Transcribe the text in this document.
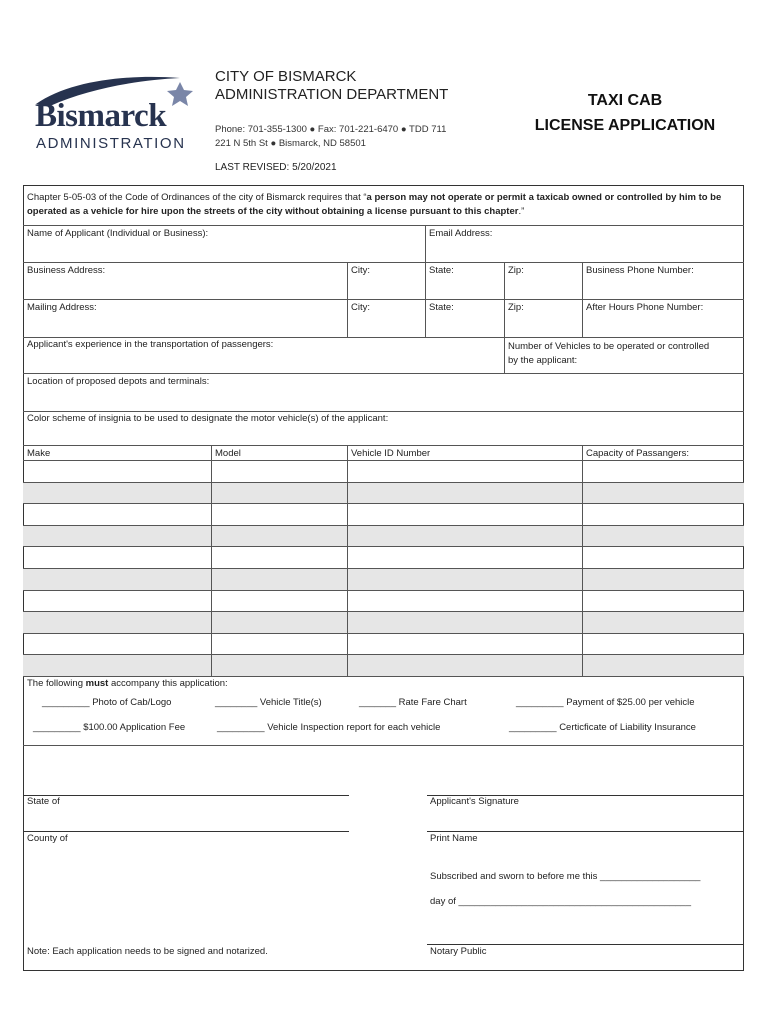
Bismarck
ADMINISTRATION
CITY OF BISMARCK
ADMINISTRATION DEPARTMENT
Phone: 701-355-1300 ● Fax: 701-221-6470 ● TDD 711
221 N 5th St ● Bismarck, ND 58501
LAST REVISED: 5/20/2021
TAXI CAB
LICENSE APPLICATION
Chapter 5-05-03 of the Code of Ordinances of the city of Bismarck requires that “a person may not operate or permit a taxicab owned or controlled by him to be operated as a vehicle for hire upon the streets of the city without obtaining a license pursuant to this chapter.”
Name of Applicant (Individual or Business):	Email Address:
Business Address:	City:	State:	Zip:	Business Phone Number:
Mailing Address:	City:	State:	Zip:	After Hours Phone Number:
Applicant's experience in the transportation of passengers:	Number of Vehicles to be operated or controlled
by the applicant:
Location of proposed depots and terminals:
Color scheme of insignia to be used to designate the motor vehicle(s) of the applicant:
Make	Model	Vehicle ID Number	Capacity of Passangers:
The following must accompany this application:
_________ Photo of Cab/Logo	________ Vehicle Title(s)	_______ Rate Fare Chart	_________ Payment of $25.00 per vehicle
_________ $100.00 Application Fee	_________ Vehicle Inspection report for each vehicle	_________ Certicficate of Liability Insurance
State of	Applicant's Signature
County of	Print Name
Subscribed and sworn to before me this ___________________
day of ____________________________________________
Note: Each application needs to be signed and notarized.	Notary Public
